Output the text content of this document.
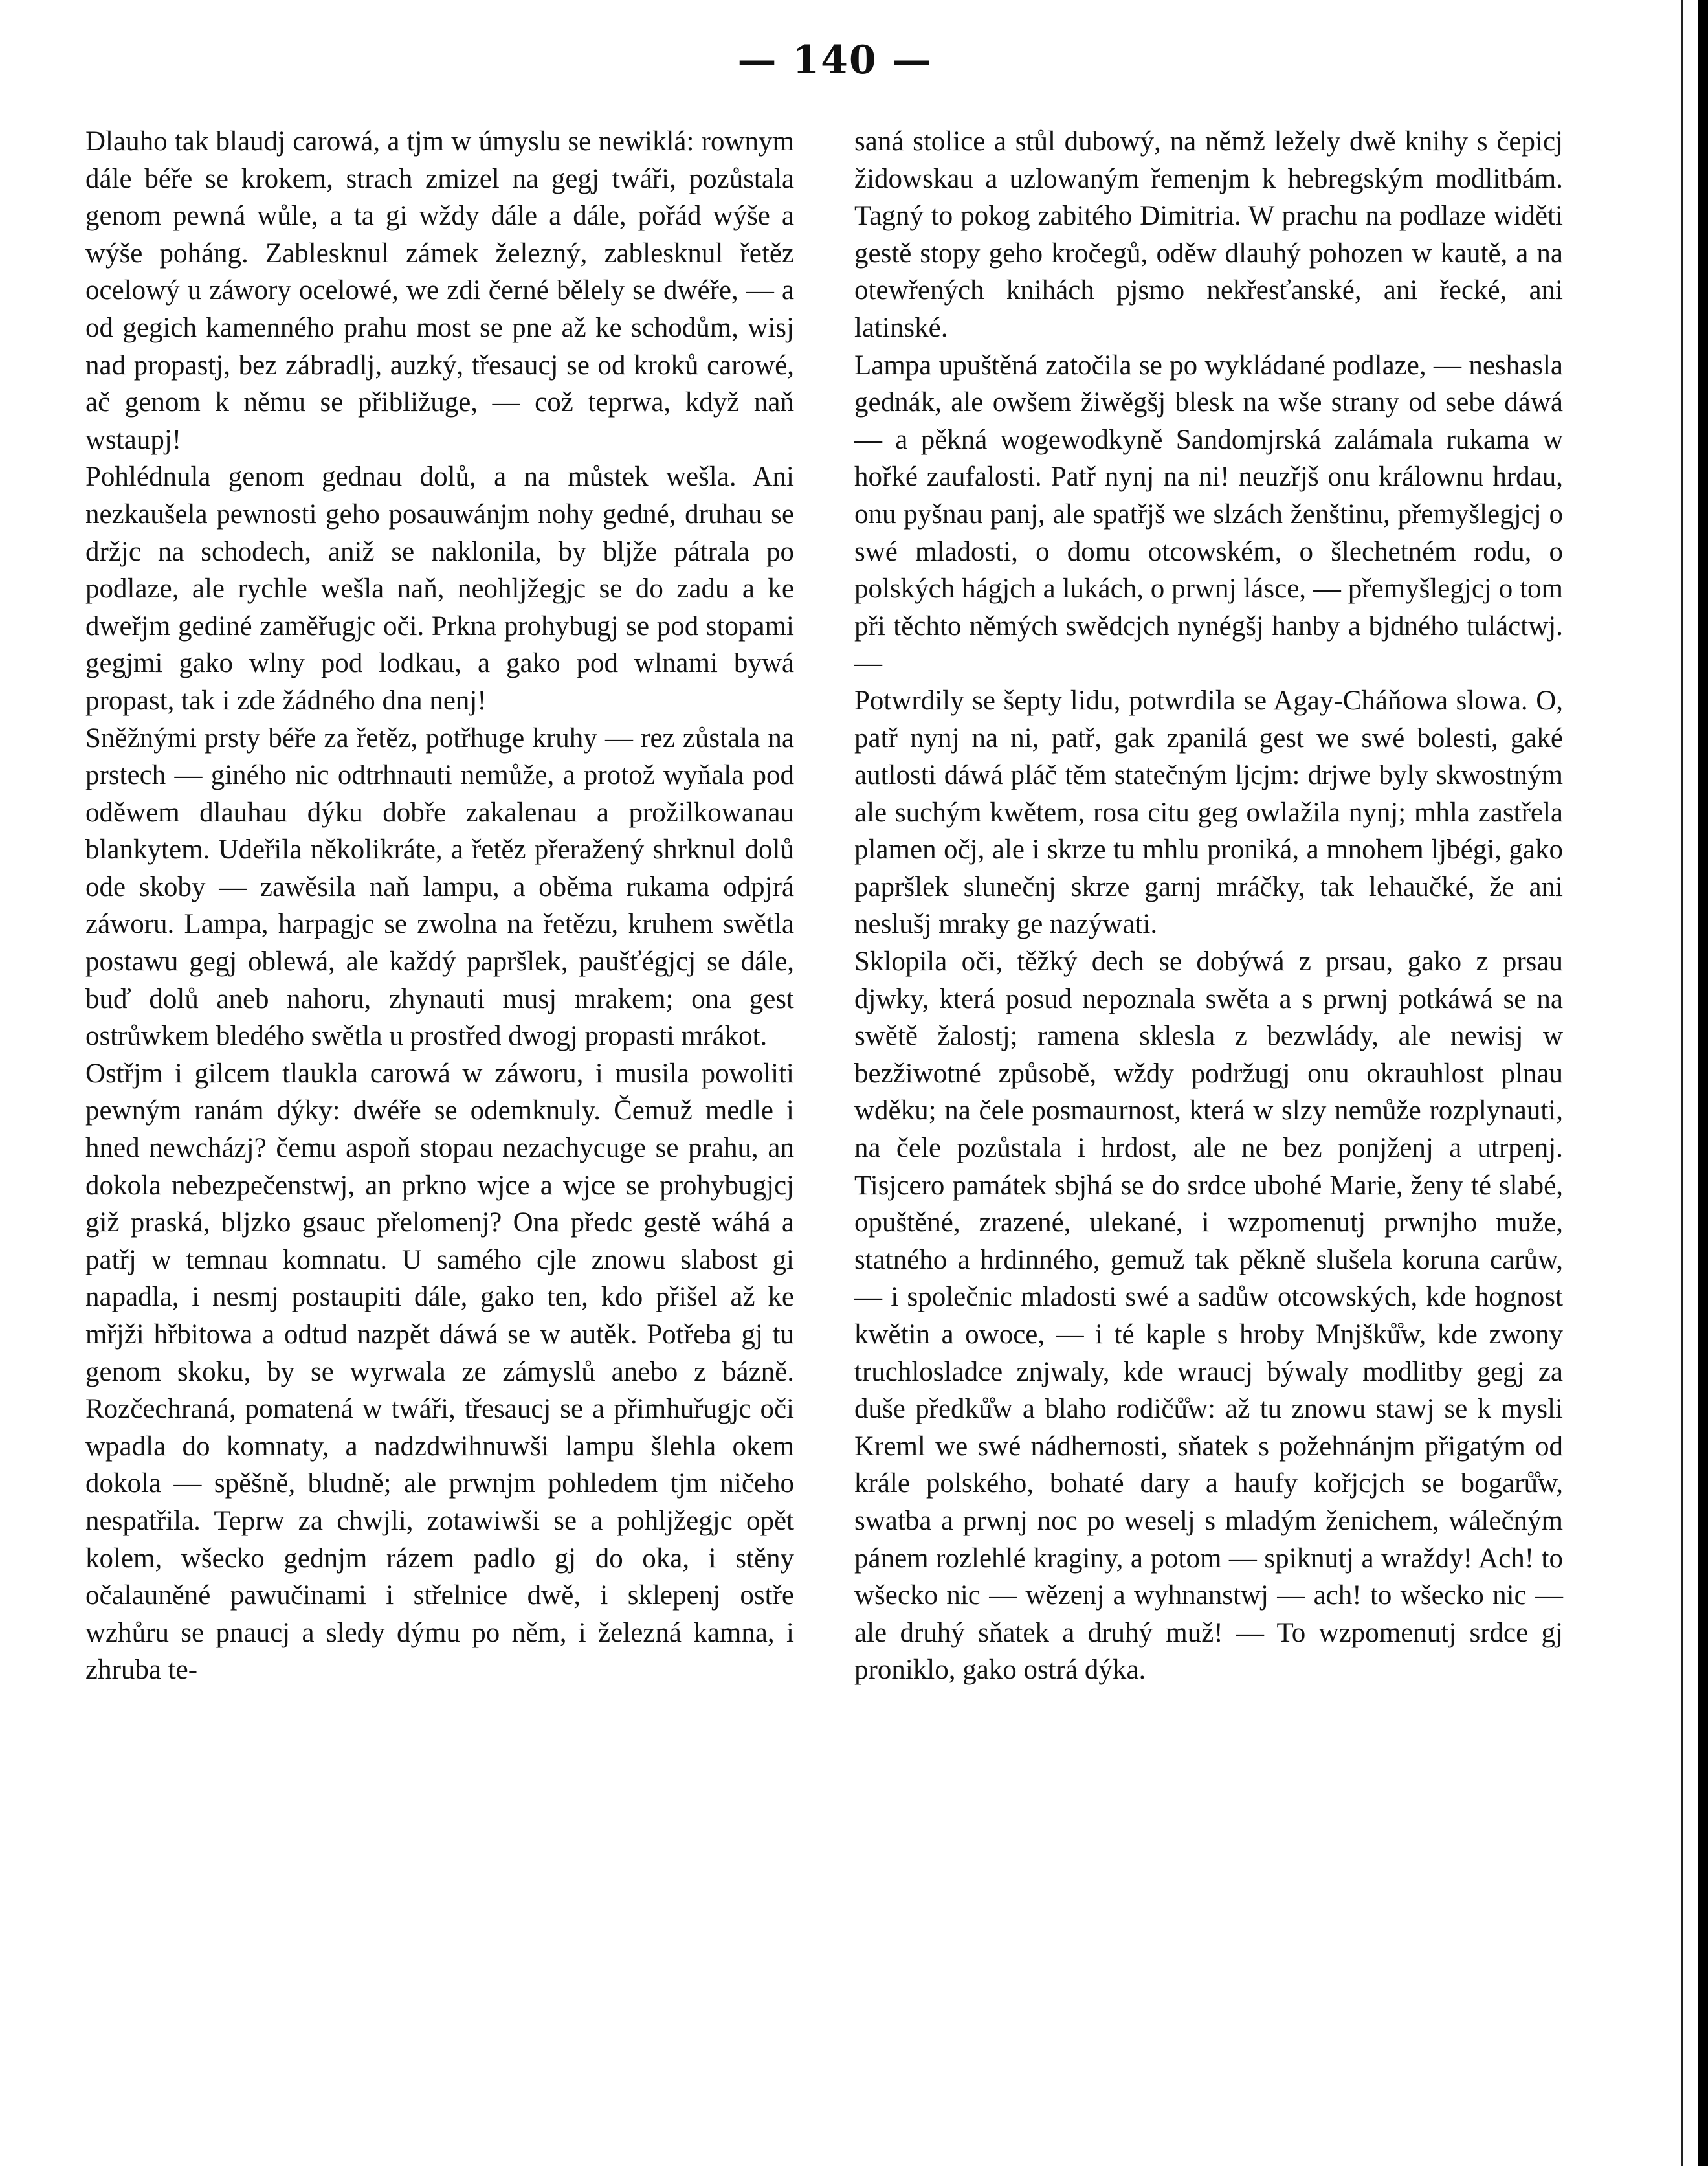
— 140 —

Dlauho tak blaudj carowá, a tjm w úmyslu se newiklá: rownym dále béře se krokem, strach zmizel na gegj twáři, pozůstala genom pewná wůle, a ta gi wždy dále a dále, pořád wýše a wýše poháng. Zablesknul zámek železný, zablesknul řetěz ocelowý u záwory ocelowé, we zdi černé bělely se dwéře, — a od gegich kamenného prahu most se pne až ke schodům, wisj nad propastj, bez zábradlj, auzký, třesaucj se od kroků carowé, ač genom k němu se přibližuge, — což teprwa, když naň wstaupj!

Pohlédnula genom gednau dolů, a na můstek wešla. Ani nezkaušela pewnosti geho posauwánjm nohy gedné, druhau se držjc na schodech, aniž se naklonila, by blјže pátrala po podlaze, ale rychle wešla naň, neohljžegjc se do zadu a ke dweřjm gediné zaměřugjc oči. Prkna prohybugj se pod stopami gegjmi gako wlny pod lodkau, a gako pod wlnami bywá propast, tak i zde žádného dna nenj!

Sněžnými prsty béře za řetěz, potřhuge kruhy — rez zůstala na prstech — giného nic odtrhnauti nemůže, a protož wyňala pod oděwem dlauhau dýku dobře zakalenau a prožilkowanau blankytem. Udeřila několikráte, a řetěz přeražený shrknul dolů ode skoby — zawěsila naň lampu, a oběma rukama odpjrá záworu. Lampa, harpagjc se zwolna na řetězu, kruhem swětla postawu gegj oblewá, ale každý papršlek, paušťégjcj se dále, buď dolů aneb nahoru, zhynauti musj mrakem; ona gest ostrůwkem bledého swětla u prostřed dwogj propasti mrákot.

Ostřjm i gilcem tlaukla carowá w záworu, i musila powoliti pewným ranám dýky: dwéře se odemknuly. Čemuž medle i hned newcházj? čemu aspoň stopau nezachycuge se prahu, an dokola nebezpečenstwj, an prkno wjce a wjce se prohybugjcj giž praská, bljzko gsauc přelomenj? Ona předc gestě wáhá a patřj w temnau komnatu. U samého cjle znowu slabost gi napadla, i nesmj postaupiti dále, gako ten, kdo přišel až ke mřjži hřbitowa a odtud nazpět dáwá se w autěk. Potřeba gj tu genom skoku, by se wyrwala ze zámyslů anebo z bázně. Rozčechraná, pomatená w twáři, třesaucj se a přimhuřugjc oči wpadla do komnaty, a nadzdwihnuwši lampu šlehla okem dokola — spěšně, bludně; ale prwnjm pohledem tjm ničeho nespatřila. Teprw za chwjli, zotawiwši se a pohljžegjc opět kolem, wšecko gednjm rázem padlo gj do oka, i stěny očalauněné pawučinami i střelnice dwě, i sklepenj ostře wzhůru se pnaucj a sledy dýmu po něm, i železná kamna, i zhruba te-

saná stolice a stůl dubowý, na němž ležely dwě knihy s čepicj židowskau a uzlowaným řemenjm k hebregským modlitbám. Tagný to pokog zabitého Dimitria. W prachu na podlaze widěti gestě stopy geho kročegů, oděw dlauhý pohozen w kautě, a na otewřených knihách pjsmo nekřesťanské, ani řecké, ani latinské.

Lampa upuštěná zatočila se po wykládané podlaze, — neshasla gednák, ale owšem žiwěgšj blesk na wše strany od sebe dáwá — a pěkná wogewodkyně Sandomjrská zalámala rukama w hořké zaufalosti. Patř nynj na ni! neuzřjš onu králownu hrdau, onu pyšnau panj, ale spatřjš we slzách ženštinu, přemyšlegjcj o swé mladosti, o domu otcowském, o šlechetném rodu, o polských hágjch a lukách, o prwnj lásce, — přemyšlegjcj o tom při těchto němých swědcjch nynégšj hanby a bjdného tuláctwj. —

Potwrdily se šepty lidu, potwrdila se Agay-Cháňowa slowa. O, patř nynj na ni, patř, gak zpanilá gest we swé bolesti, gaké autlosti dáwá pláč těm statečným ljcjm: drjwe byly skwostným ale suchým kwětem, rosa citu geg owlažila nynj; mhla zastřela plamen očj, ale i skrze tu mhlu proniká, a mnohem ljbégi, gako papršlek slunečnj skrze garnj mráčky, tak lehaučké, že ani neslušj mraky ge nazýwati.

Sklopila oči, těžký dech se dobýwá z prsau, gako z prsau djwky, která posud nepoznala swěta a s prwnj potkáwá se na swětě žalostj; ramena sklesla z bezwlády, ale newisj w bezžiwotné způsobě, wždy podržugj onu okrauhlost plnau wděku; na čele posmaurnost, která w slzy nemůže rozplynauti, na čele pozůstala i hrdost, ale ne bez ponjženj a utrpenj. Tisjcero památek sbjhá se do srdce ubohé Marie, ženy té slabé, opuštěné, zrazené, ulekané, i wzpomenutj prwnjho muže, statného a hrdinného, gemuž tak pěkně slušela koruna carůw, — i společnic mladosti swé a sadůw otcowských, kde hognost kwětin a owoce, — i té kaple s hroby Mnjšků̊w, kde zwony truchlosladce znjwaly, kde wraucj býwaly modlitby gegj za duše předků̊w a blaho rodičů̊w: až tu znowu stawj se k mysli Kreml we swé nádhernosti, sňatek s požehnánjm přigatým od krále polského, bohaté dary a haufy kořjcjch se bogarů̊w, swatba a prwnj noc po weselj s mladým ženichem, wálečným pánem rozlehlé kraginy, a potom — spiknutj a wraždy! Ach! to wšecko nic — wězenj a wyhnanstwj — ach! to wšecko nic — ale druhý sňatek a druhý muž! — To wzpomenutj srdce gj proniklo, gako ostrá dýka.
